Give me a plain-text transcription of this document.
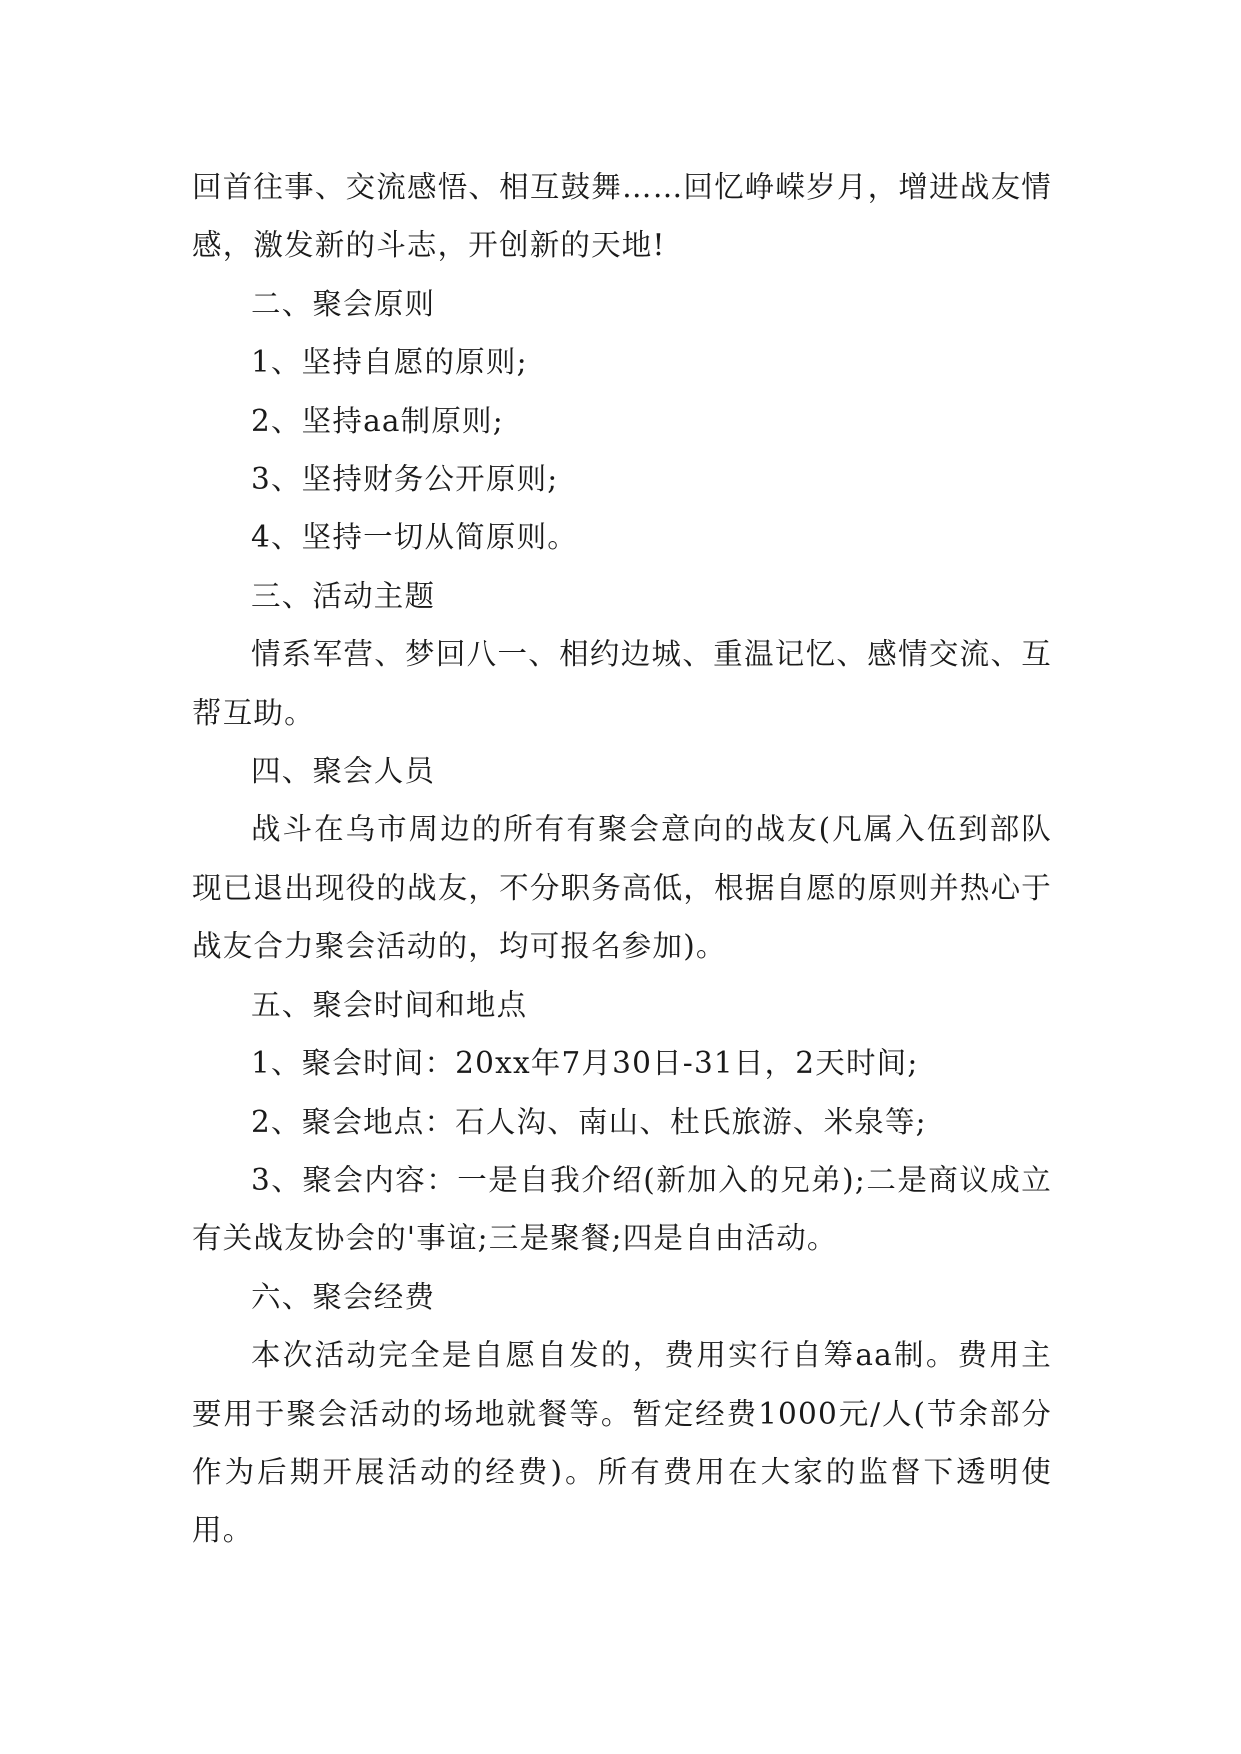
回首往事、交流感悟、相互鼓舞……回忆峥嵘岁月，增进战友情感，激发新的斗志，开创新的天地!

二、聚会原则

1、坚持自愿的原则;

2、坚持aa制原则;

3、坚持财务公开原则;

4、坚持一切从简原则。

三、活动主题

情系军营、梦回八一、相约边城、重温记忆、感情交流、互帮互助。

四、聚会人员

战斗在乌市周边的所有有聚会意向的战友(凡属入伍到部队现已退出现役的战友，不分职务高低，根据自愿的原则并热心于战友合力聚会活动的，均可报名参加)。

五、聚会时间和地点

1、聚会时间：20xx年7月30日-31日，2天时间;

2、聚会地点：石人沟、南山、杜氏旅游、米泉等;

3、聚会内容：一是自我介绍(新加入的兄弟);二是商议成立有关战友协会的'事谊;三是聚餐;四是自由活动。

六、聚会经费

本次活动完全是自愿自发的，费用实行自筹aa制。费用主要用于聚会活动的场地就餐等。暂定经费1000元/人(节余部分作为后期开展活动的经费)。所有费用在大家的监督下透明使用。
